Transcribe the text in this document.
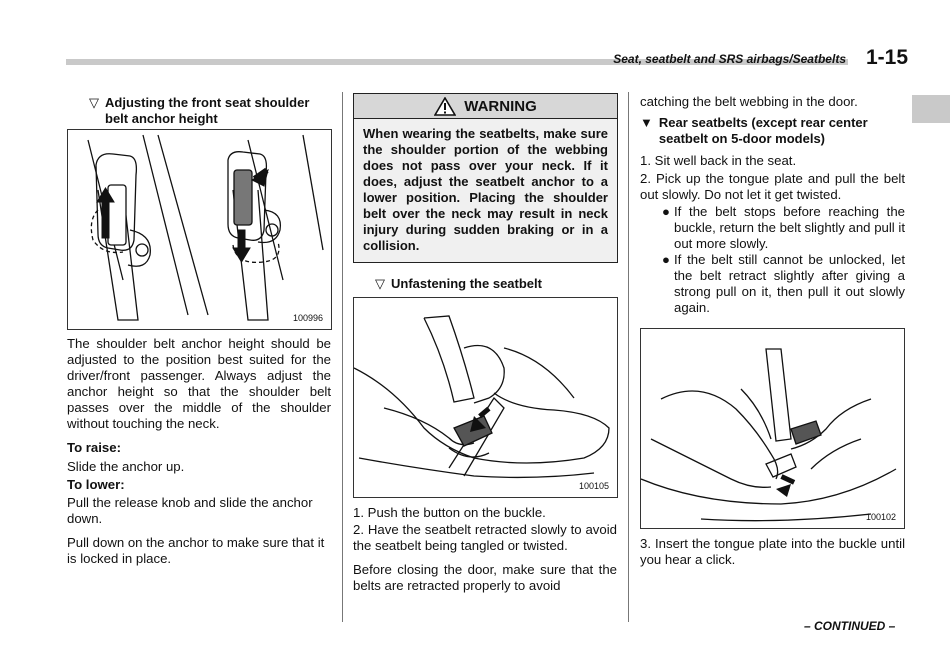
Seat, seatbelt and SRS airbags/Seatbelts 1-15
▽ Adjusting the front seat shoulder belt anchor height
100996

The shoulder belt anchor height should be adjusted to the position best suited for the driver/front passenger. Always adjust the anchor height so that the shoulder belt passes over the middle of the shoulder without touching the neck.

To raise:

Slide the anchor up.

To lower:

Pull the release knob and slide the anchor down.

Pull down on the anchor to make sure that it is locked in place.

WARNING
When wearing the seatbelts, make sure the shoulder portion of the webbing does not pass over your neck. If it does, adjust the seatbelt anchor to a lower position. Placing the shoulder belt over the neck may result in neck injury during sudden braking or in a collision.
▽ Unfastening the seatbelt
100105

1. Push the button on the buckle.

2. Have the seatbelt retracted slowly to avoid the seatbelt being tangled or twisted.

Before closing the door, make sure that the belts are retracted properly to avoid

catching the belt webbing in the door.

▼ Rear seatbelts (except rear center seatbelt on 5-door models)

1. Sit well back in the seat.

2. Pick up the tongue plate and pull the belt out slowly. Do not let it get twisted.

● If the belt stops before reaching the buckle, return the belt slightly and pull it out more slowly.
● If the belt still cannot be unlocked, let the belt retract slightly after giving a strong pull on it, then pull it out slowly again.
100102

3. Insert the tongue plate into the buckle until you hear a click.

– CONTINUED –
